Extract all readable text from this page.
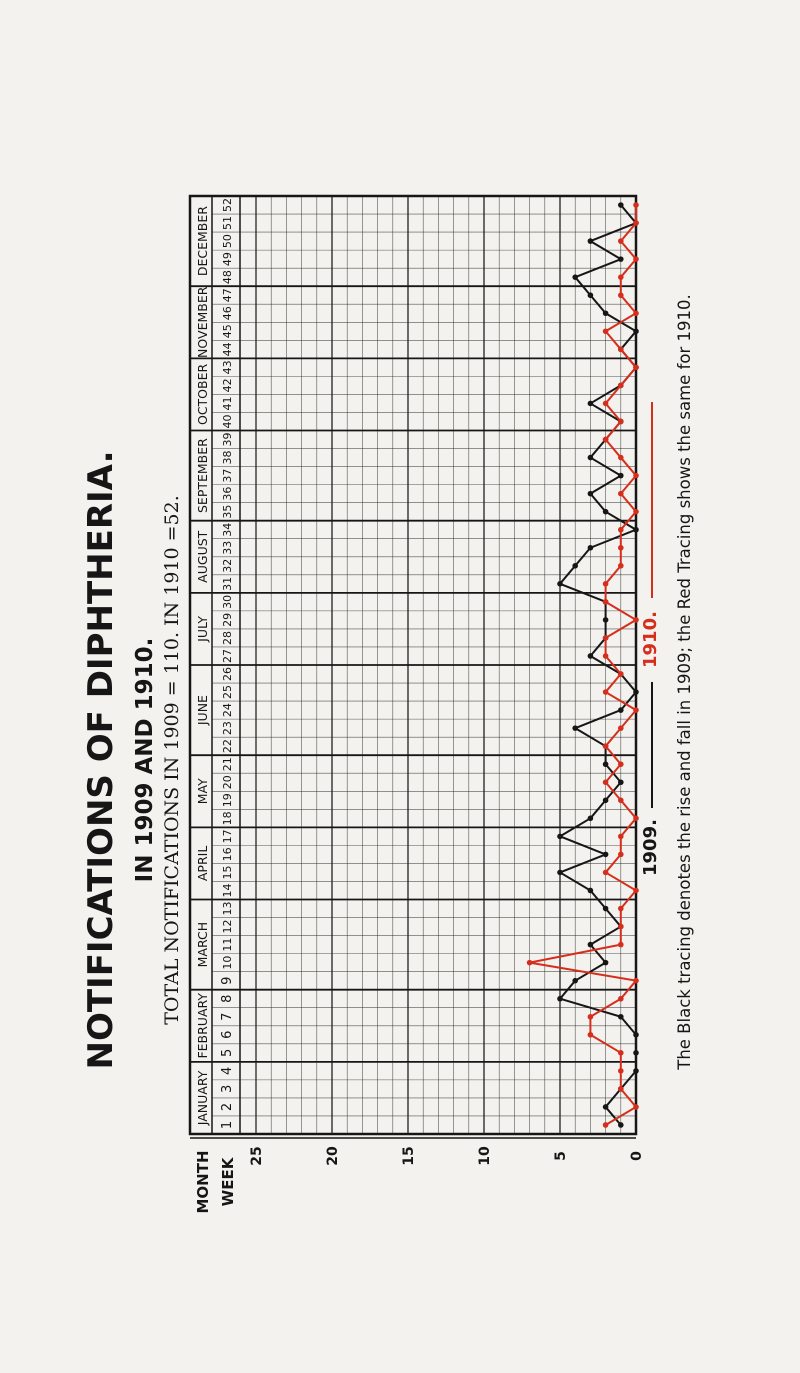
NOTIFICATIONS OF DIPHTHERIA. IN 1909 AND 1910. TOTAL NOTIFICATIONS IN 1909 = 110. IN 1910 =52.
JANUARY
FEBRUARY
MARCH
APRIL
MAY
JUNE
JULY
AUGUST
SEPTEMBER
OCTOBER
NOVEMBER
DECEMBER
1
2
3
4
5
6
7
8
9
10
11
12
13
14
15
16
17
18
19
20
21
22
23
24
25
26
27
28
29
30
31
32
33
34
35
36
37
38
39
40
41
42
43
44
45
46
47
48
49
50
51
52
MONTH WEEK
0
5
10
15
20
25
1910.
1909. The Black tracing denotes the rise and fall in 1909; the Red Tracing shows the same for 1910.
